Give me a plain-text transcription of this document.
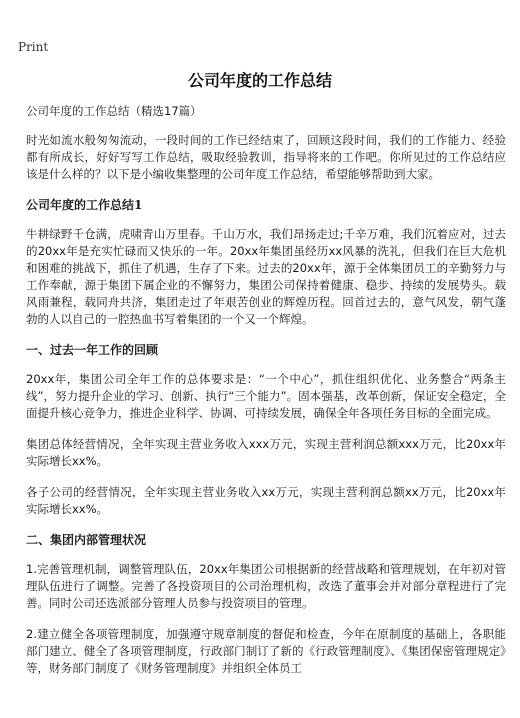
Print
公司年度的工作总结

公司年度的工作总结（精选17篇）

时光如流水般匆匆流动，一段时间的工作已经结束了，回顾这段时间，我们的工作能力、经验都有所成长，好好写写工作总结，吸取经验教训，指导将来的工作吧。你所见过的工作总结应该是什么样的？以下是小编收集整理的公司年度工作总结，希望能够帮助到大家。

公司年度的工作总结1

牛耕绿野千仓满，虎啸青山万里春。千山万水，我们昂扬走过;千辛万难，我们沉着应对，过去的20xx年是充实忙碌而又快乐的一年。20xx年集团虽经历xx风暴的洗礼，但我们在巨大危机和困难的挑战下，抓住了机遇，生存了下来。过去的20xx年，源于全体集团员工的辛勤努力与工作奉献，源于集团下属企业的不懈努力，集团公司保持着健康、稳步、持续的发展势头。载风雨兼程，载同舟共济，集团走过了年艰苦创业的辉煌历程。回首过去的，意气风发，朝气蓬勃的人以自己的一腔热血书写着集团的一个又一个辉煌。

一、过去一年工作的回顾

20xx年，集团公司全年工作的总体要求是：“一个中心”，抓住组织优化、业务整合“两条主线”，努力提升企业的学习、创新、执行“三个能力”。固本强基，改革创新，保证安全稳定，全面提升核心竞争力，推进企业科学、协调、可持续发展，确保全年各项任务目标的全面完成。

集团总体经营情况，全年实现主营业务收入xxx万元，实现主营利润总额xxx万元，比20xx年实际增长xx%。

各子公司的经营情况，全年实现主营业务收入xx万元，实现主营利润总额xx万元，比20xx年实际增长xx%。

二、集团内部管理状况

1.完善管理机制，调整管理队伍，20xx年集团公司根据新的经营战略和管理规划，在年初对管理队伍进行了调整。完善了各投资项目的公司治理机构，改选了董事会并对部分章程进行了完善。同时公司还选派部分管理人员参与投资项目的管理。

2.建立健全各项管理制度，加强遵守规章制度的督促和检查，今年在原制度的基础上，各职能部门建立、健全了各项管理制度，行政部门制订了新的《行政管理制度》、《集团保密管理规定》等，财务部门制度了《财务管理制度》并组织全体员工
